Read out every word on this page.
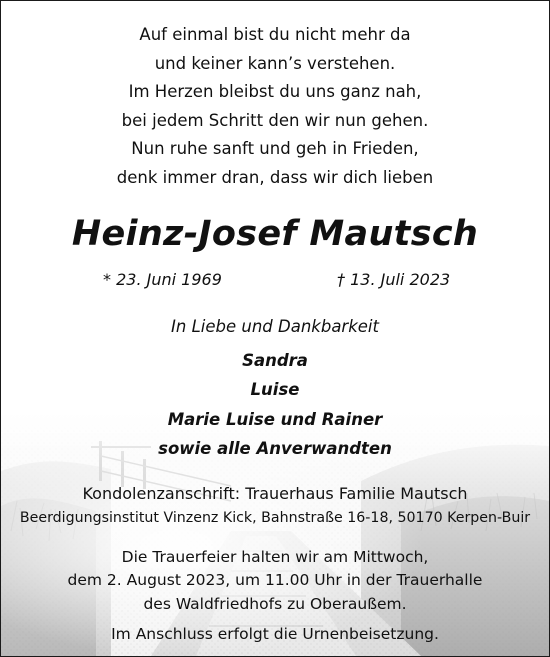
Auf einmal bist du nicht mehr da
und keiner kann’s verstehen.
Im Herzen bleibst du uns ganz nah,
bei jedem Schritt den wir nun gehen.
Nun ruhe sanft und geh in Frieden,
denk immer dran, dass wir dich lieben
Heinz-Josef Mautsch
* 23. Juni 1969	† 13. Juli 2023
In Liebe und Dankbarkeit
Sandra
Luise
Marie Luise und Rainer
sowie alle Anverwandten
Kondolenzanschrift: Trauerhaus Familie Mautsch
Beerdigungsinstitut Vinzenz Kick, Bahnstraße 16-18, 50170 Kerpen-Buir
Die Trauerfeier halten wir am Mittwoch,
dem 2. August 2023, um 11.00 Uhr in der Trauerhalle
des Waldfriedhofs zu Oberaußem.
Im Anschluss erfolgt die Urnenbeisetzung.
